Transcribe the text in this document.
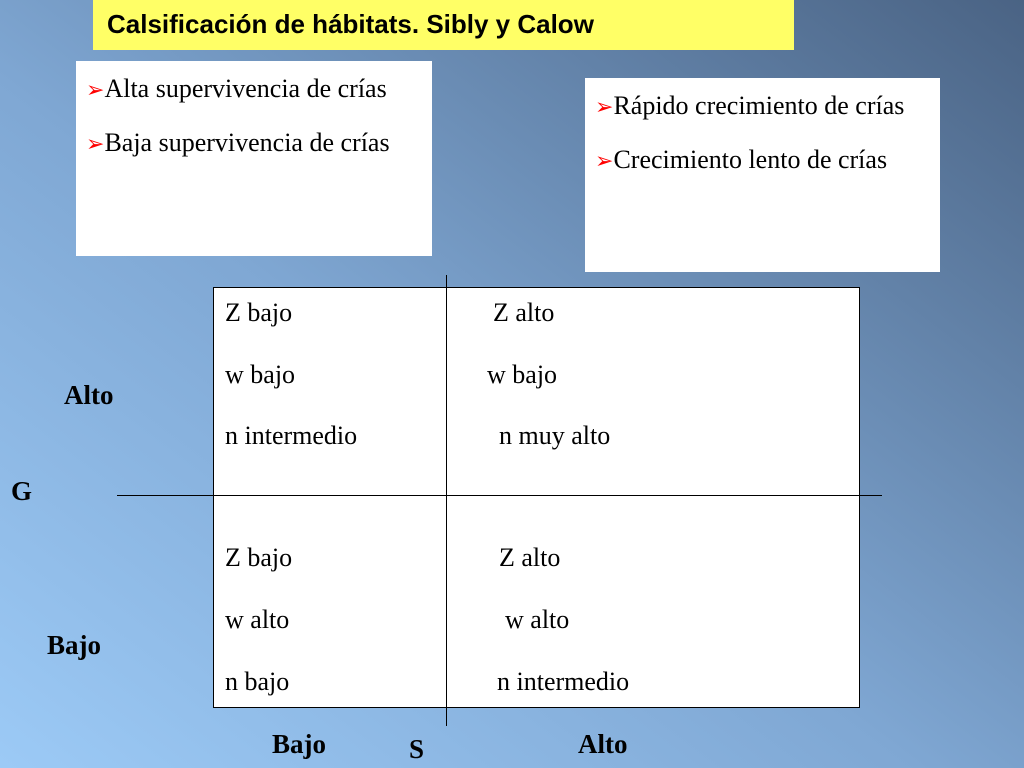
Calsificación de hábitats. Sibly y Calow

➢Alta supervivencia de crías

➢Baja supervivencia de crías

➢Rápido crecimiento de crías

➢Crecimiento lento de crías

Z bajo
w bajo
n intermedio
Z alto
w bajo
n muy alto
Z bajo
w alto
n bajo
Z alto
w alto
n intermedio
Alto
G
Bajo
Bajo	S	Alto
